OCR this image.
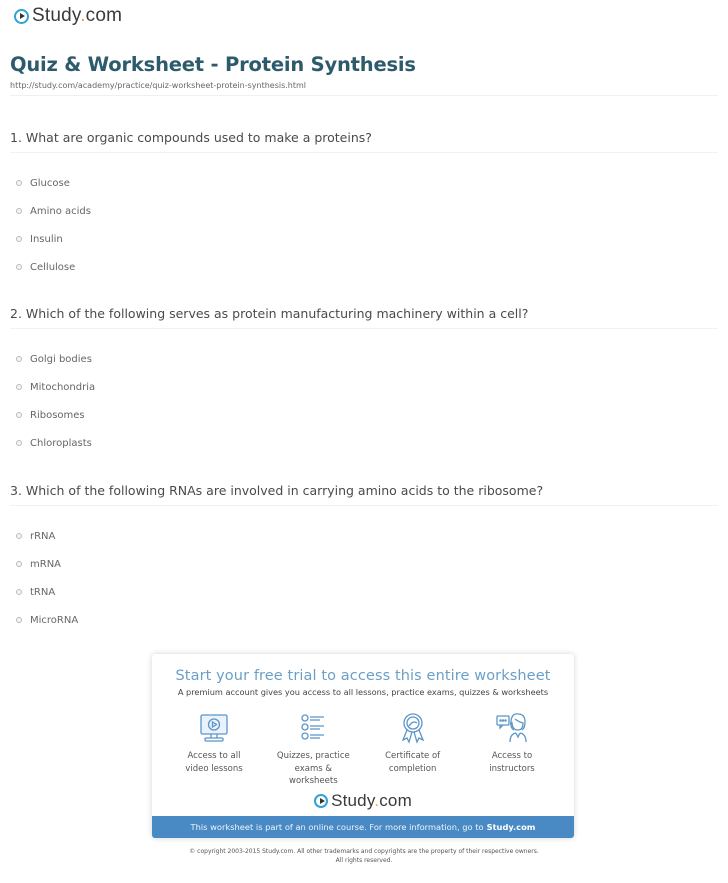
Study.com
Quiz & Worksheet - Protein Synthesis
http://study.com/academy/practice/quiz-worksheet-protein-synthesis.html
1. What are organic compounds used to make a proteins?
Glucose
Amino acids
Insulin
Cellulose
2. Which of the following serves as protein manufacturing machinery within a cell?
Golgi bodies
Mitochondria
Ribosomes
Chloroplasts
3. Which of the following RNAs are involved in carrying amino acids to the ribosome?
rRNA
mRNA
tRNA
MicroRNA
Start your free trial to access this entire worksheet
A premium account gives you access to all lessons, practice exams, quizzes & worksheets
Access to all
video lessons
Quizzes, practice
exams & worksheets
Certificate of
completion
Access to
instructors
Study.com
This worksheet is part of an online course. For more information, go to Study.com
© copyright 2003-2015 Study.com. All other trademarks and copyrights are the property of their respective owners.
All rights reserved.
